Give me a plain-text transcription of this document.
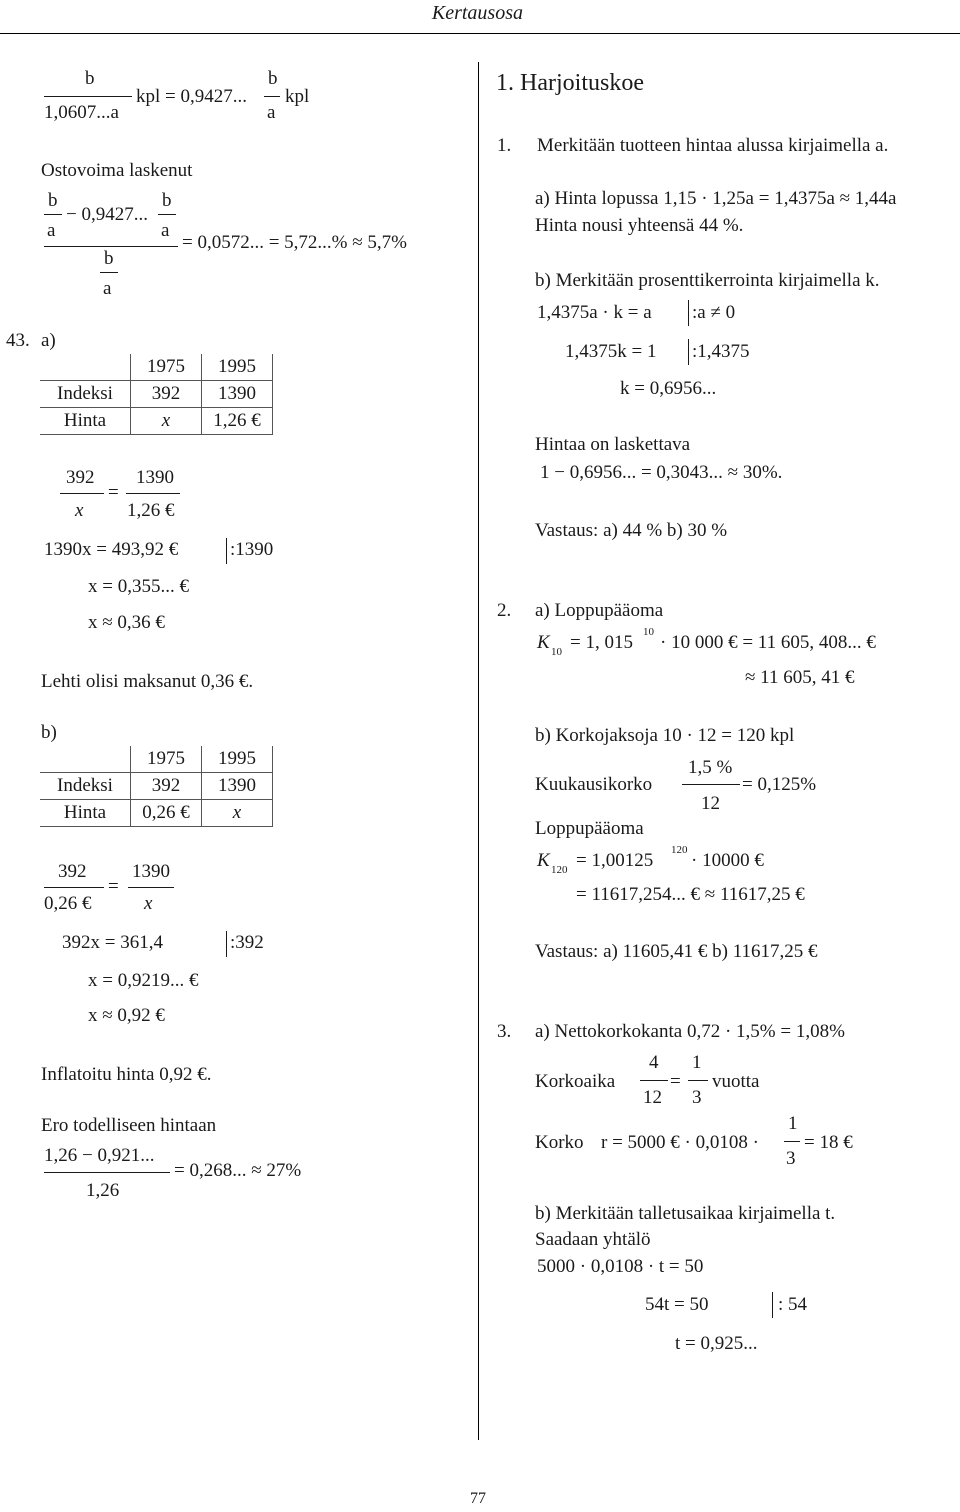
Kertausosa
b
1,0607...a
kpl = 0,9427...
b
a
kpl
Ostovoima laskenut
b
a
− 0,9427...
b
a
= 0,0572... = 5,72...% ≈ 5,7%
b
a
43. a)
	1975	1995
Indeksi	392	1390
Hinta	x	1,26 €
392
x
=
1390
1,26 €
1390x = 493,92 €	:1390
x = 0,355... €
x ≈ 0,36 €
Lehti olisi maksanut 0,36 €.
b)
	1975	1995
Indeksi	392	1390
Hinta	0,26 €	x
392
0,26 €
=
1390
x
392x = 361,4	:392
x = 0,9219... €
x ≈ 0,92 €
Inflatoitu hinta 0,92 €.
Ero todelliseen hintaan
1,26 − 0,921...
1,26
= 0,268... ≈ 27%
1. Harjoituskoe
1. Merkitään tuotteen hintaa alussa kirjaimella a.
a) Hinta lopussa 1,15 · 1,25a = 1,4375a ≈ 1,44a
Hinta nousi yhteensä 44 %.
b) Merkitään prosenttikerrointa kirjaimella k.
1,4375a · k = a :a ≠ 0
1,4375k = 1 :1,4375
k = 0,6956...
Hintaa on laskettava
1 − 0,6956... = 0,3043... ≈ 30%.
Vastaus: a) 44 % b) 30 %
2. a) Loppupääoma
K 10 = 1, 015 10 · 10 000 € = 11 605, 408... €
≈ 11 605, 41 €
b) Korkojaksoja 10 · 12 = 120 kpl
Kuukausikorko
1,5 %
12
= 0,125%
Loppupääoma
K 120 = 1,00125 120 · 10000 €
= 11617,254... € ≈ 11617,25 €
Vastaus: a) 11605,41 € b) 11617,25 €
3. a) Nettokorkokanta 0,72 · 1,5% = 1,08%
Korkoaika
4
12
=
1
3
vuotta
Korko r = 5000 € · 0,0108 ·
1
3
= 18 €
b) Merkitään talletusaikaa kirjaimella t.
Saadaan yhtälö
5000 · 0,0108 · t = 50
54t = 50	: 54
t = 0,925...
77
